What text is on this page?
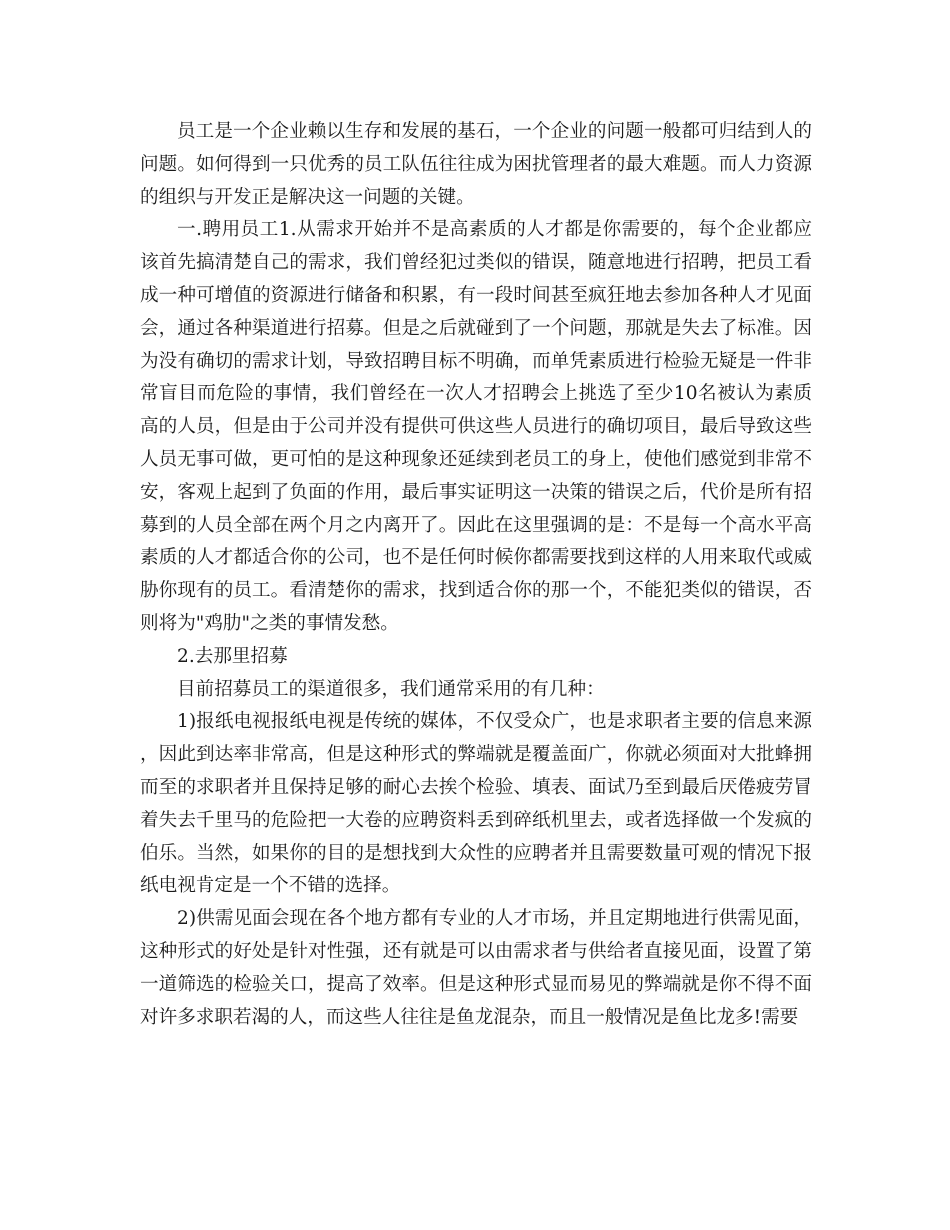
员工是一个企业赖以生存和发展的基石，一个企业的问题一般都可归结到人的问题。如何得到一只优秀的员工队伍往往成为困扰管理者的最大难题。而人力资源的组织与开发正是解决这一问题的关键。

一.聘用员工1.从需求开始并不是高素质的人才都是你需要的，每个企业都应该首先搞清楚自己的需求，我们曾经犯过类似的错误，随意地进行招聘，把员工看成一种可增值的资源进行储备和积累，有一段时间甚至疯狂地去参加各种人才见面会，通过各种渠道进行招募。但是之后就碰到了一个问题，那就是失去了标准。因为没有确切的需求计划，导致招聘目标不明确，而单凭素质进行检验无疑是一件非常盲目而危险的事情，我们曾经在一次人才招聘会上挑选了至少10名被认为素质高的人员，但是由于公司并没有提供可供这些人员进行的确切项目，最后导致这些人员无事可做，更可怕的是这种现象还延续到老员工的身上，使他们感觉到非常不安，客观上起到了负面的作用，最后事实证明这一决策的错误之后，代价是所有招募到的人员全部在两个月之内离开了。因此在这里强调的是：不是每一个高水平高素质的人才都适合你的公司，也不是任何时候你都需要找到这样的人用来取代或威胁你现有的员工。看清楚你的需求，找到适合你的那一个，不能犯类似的错误，否则将为"鸡肋"之类的事情发愁。

2.去那里招募

目前招募员工的渠道很多，我们通常采用的有几种：

1)报纸电视报纸电视是传统的媒体，不仅受众广，也是求职者主要的信息来源，因此到达率非常高，但是这种形式的弊端就是覆盖面广，你就必须面对大批蜂拥而至的求职者并且保持足够的耐心去挨个检验、填表、面试乃至到最后厌倦疲劳冒着失去千里马的危险把一大卷的应聘资料丢到碎纸机里去，或者选择做一个发疯的伯乐。当然，如果你的目的是想找到大众性的应聘者并且需要数量可观的情况下报纸电视肯定是一个不错的选择。

2)供需见面会现在各个地方都有专业的人才市场，并且定期地进行供需见面，这种形式的好处是针对性强，还有就是可以由需求者与供给者直接见面，设置了第一道筛选的检验关口，提高了效率。但是这种形式显而易见的弊端就是你不得不面对许多求职若渴的人，而这些人往往是鱼龙混杂，而且一般情况是鱼比龙多!需要
